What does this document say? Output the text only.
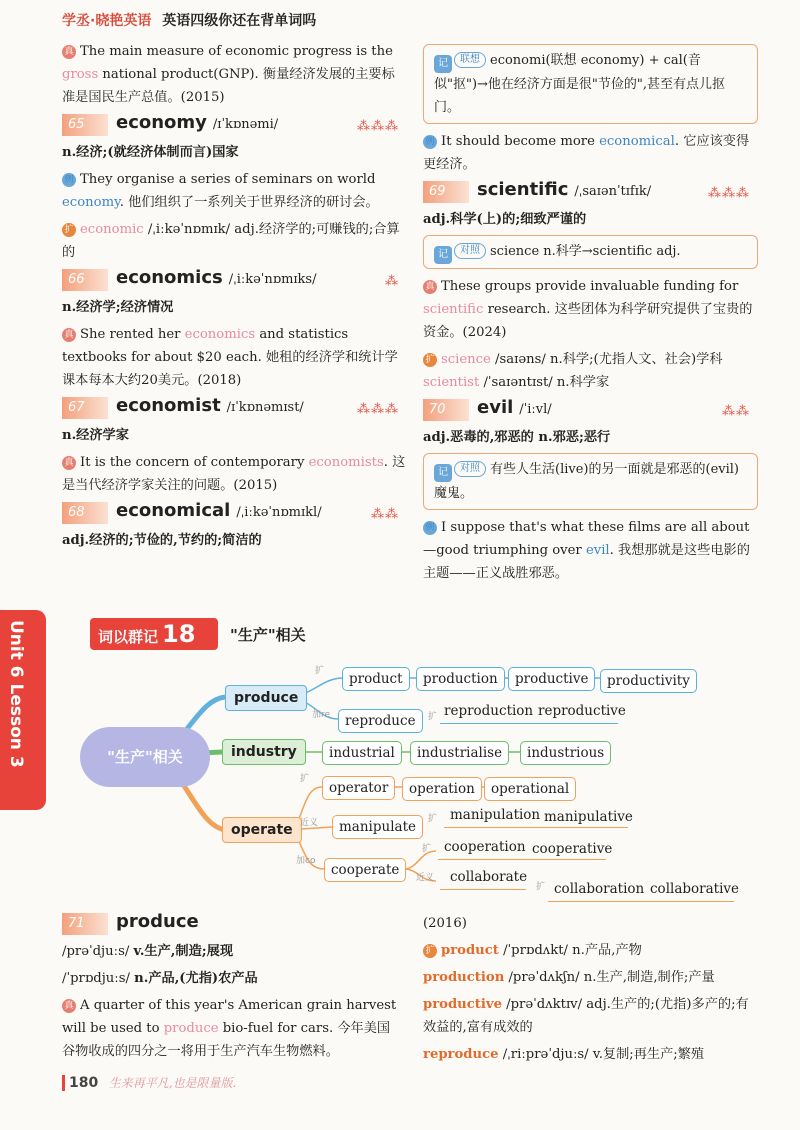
学丞·晓艳英语 英语四级你还在背单词吗

真 The main measure of economic progress is the gross national product(GNP). 衡量经济发展的主要标准是国民生产总值。(2015)

65	economy /ɪˈkɒnəmi/	⁂⁂⁂

n.经济;(就经济体制而言)国家

例 They organise a series of seminars on world economy. 他们组织了一系列关于世界经济的研讨会。

扩 economic /ˌiːkəˈnɒmɪk/ adj.经济学的;可赚钱的;合算的

66	economics /ˌiːkəˈnɒmɪks/	⁂

n.经济学;经济情况

真 She rented her economics and statistics textbooks for about $20 each. 她租的经济学和统计学课本每本大约20美元。(2018)

67	economist /ɪˈkɒnəmɪst/	⁂⁂⁂

n.经济学家

真 It is the concern of contemporary economists. 这是当代经济学家关注的问题。(2015)

68	economical /ˌiːkəˈnɒmɪkl/	⁂⁂

adj.经济的;节俭的,节约的;简洁的

记 联想 economi(联想 economy) + cal(音似"抠")→他在经济方面是很"节俭的",甚至有点儿抠门。

例 It should become more economical. 它应该变得更经济。

69	scientific /ˌsaɪənˈtɪfɪk/	⁂⁂⁂

adj.科学(上)的;细致严谨的

记 对照 science n.科学→scientific adj.

真 These groups provide invaluable funding for scientific research. 这些团体为科学研究提供了宝贵的资金。(2024)

扩 science /saɪəns/ n.科学;(尤指人文、社会)学科
scientist /ˈsaɪəntɪst/ n.科学家

70	evil /ˈiːvl/	⁂⁂

adj.恶毒的,邪恶的 n.邪恶;恶行

记 对照 有些人生活(live)的另一面就是邪恶的(evil)魔鬼。

例 I suppose that's what these films are all about—good triumphing over evil. 我想那就是这些电影的主题——正义战胜邪恶。

Unit 6 Lesson 3	词以群记 18	"生产"相关
"生产"相关
produce
industry
operate
扩
加re
扩
近义
加co
扩
扩
扩
近义
扩
product	production	productive	productivity
reproduce
reproduction reproductive
industrial	industrialise	industrious
operator	operation	operational
manipulate
manipulation manipulative
cooperate
cooperation cooperative
collaborate
collaboration collaborative
71	produce

/prəˈdjuːs/ v.生产,制造;展现

/ˈprɒdjuːs/ n.产品,(尤指)农产品

真 A quarter of this year's American grain harvest will be used to produce bio-fuel for cars. 今年美国谷物收成的四分之一将用于生产汽车生物燃料。

(2016)

扩 product /ˈprɒdʌkt/ n.产品,产物

production /prəˈdʌkʃn/ n.生产,制造,制作;产量

productive /prəˈdʌktɪv/ adj.生产的;(尤指)多产的;有效益的,富有成效的

reproduce /ˌriːprəˈdjuːs/ v.复制;再生产;繁殖

180 生来再平凡,也是限量版.
